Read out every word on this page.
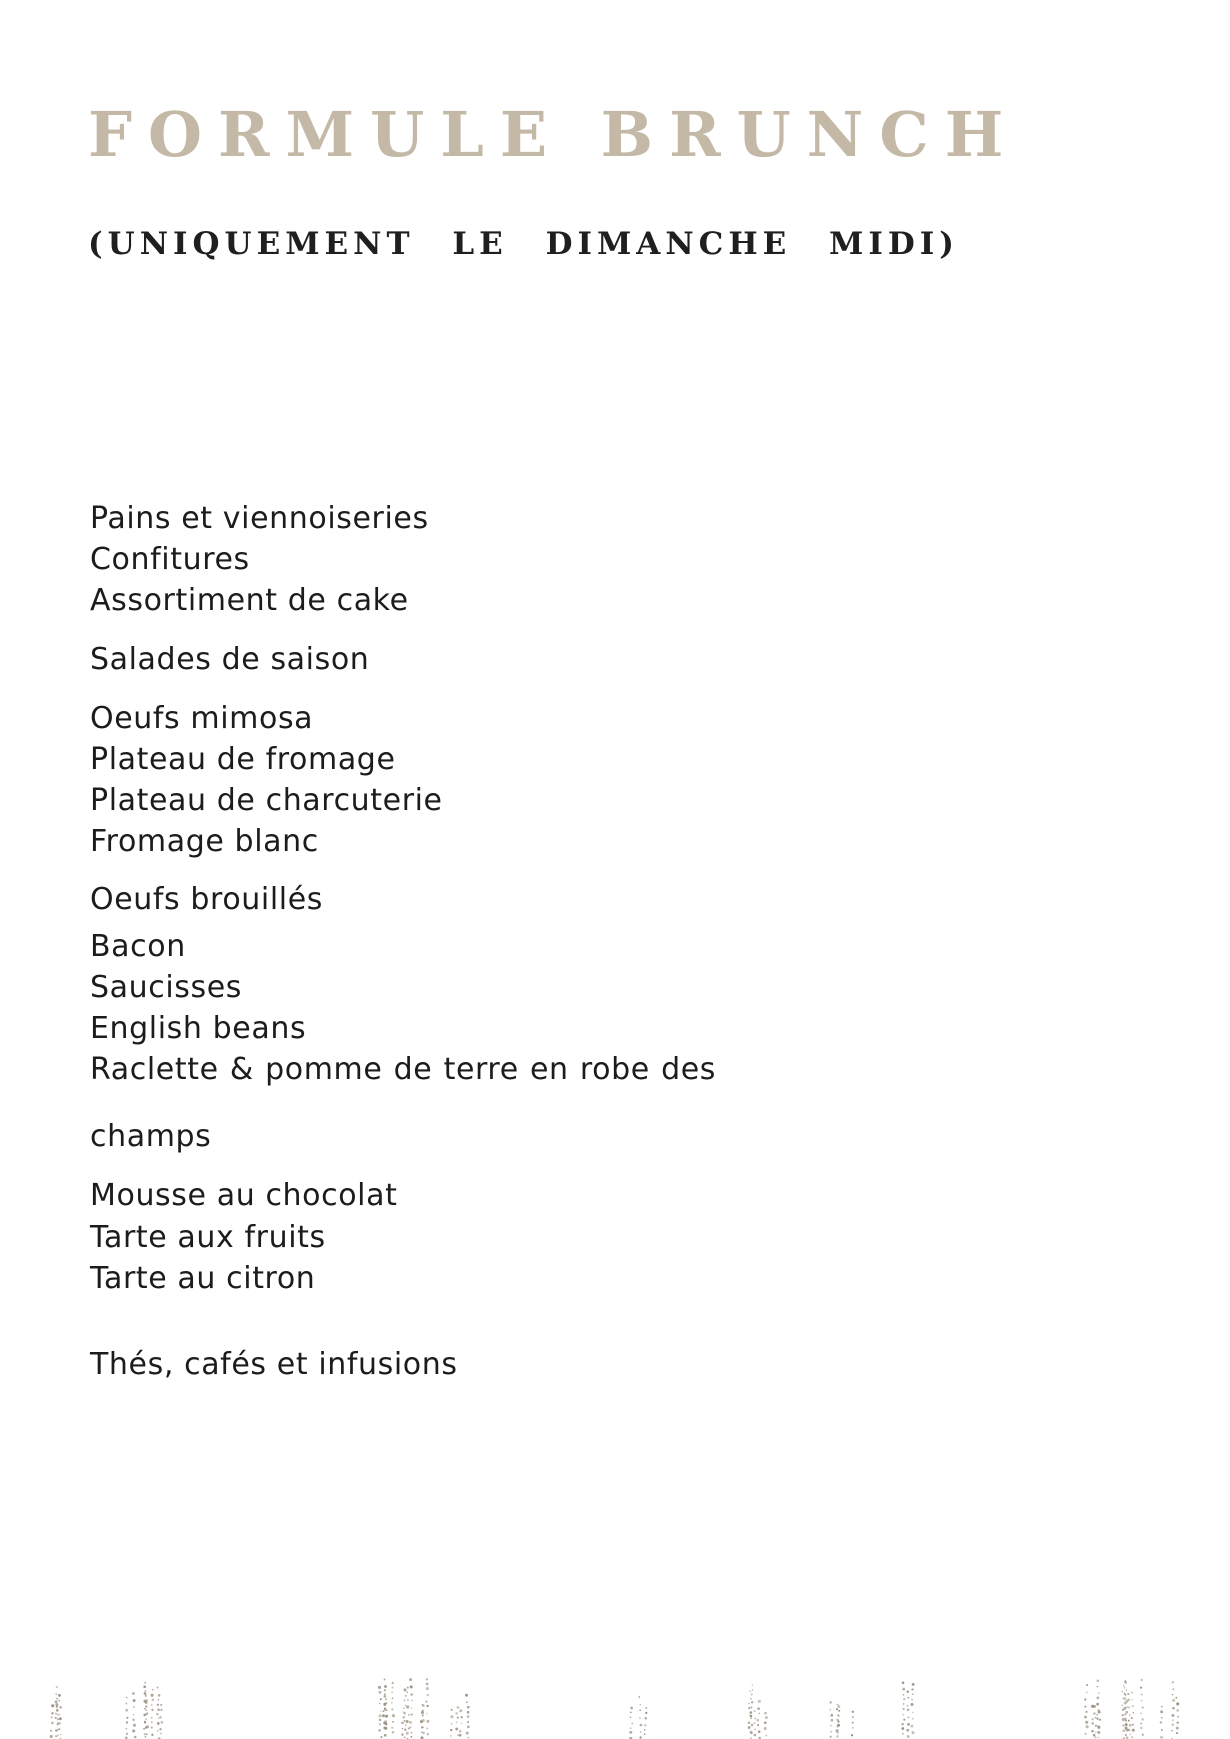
FORMULE BRUNCH
(UNIQUEMENT LE DIMANCHE MIDI)

Pains et viennoiseries

Confitures

Assortiment de cake

Salades de saison

Oeufs mimosa

Plateau de fromage

Plateau de charcuterie

Fromage blanc

Oeufs brouillés

Bacon

Saucisses

English beans

Raclette & pomme de terre en robe des

champs

Mousse au chocolat

Tarte aux fruits

Tarte au citron

Thés, cafés et infusions
